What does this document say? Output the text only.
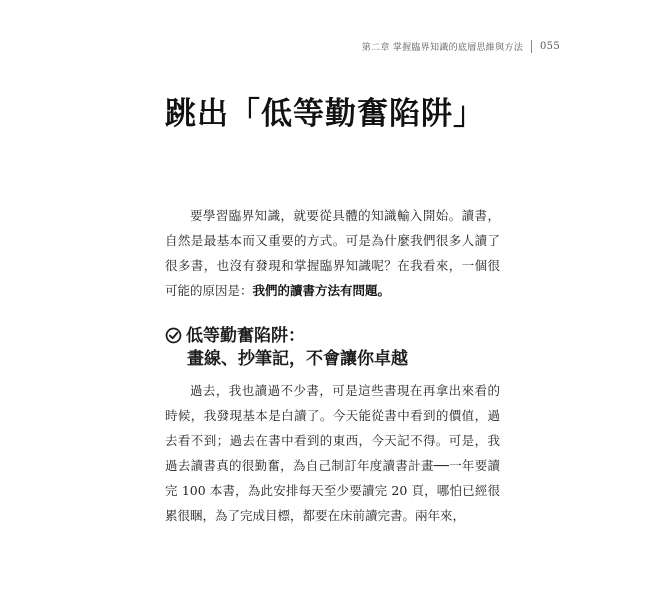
第二章 掌握臨界知識的底層思維與方法 055
跳出「低等勤奮陷阱」

要學習臨界知識，就要從具體的知識輸入開始。讀書，自然是最基本而又重要的方式。可是為什麼我們很多人讀了很多書，也沒有發現和掌握臨界知識呢？在我看來，一個很可能的原因是：我們的讀書方法有問題。

低等勤奮陷阱：
畫線、抄筆記，不會讓你卓越

過去，我也讀過不少書，可是這些書現在再拿出來看的時候，我發現基本是白讀了。今天能從書中看到的價值，過去看不到；過去在書中看到的東西，今天記不得。可是，我過去讀書真的很勤奮，為自己制訂年度讀書計畫──一年要讀完 100 本書，為此安排每天至少要讀完 20 頁，哪怕已經很累很睏，為了完成目標，都要在床前讀完書。兩年來，
